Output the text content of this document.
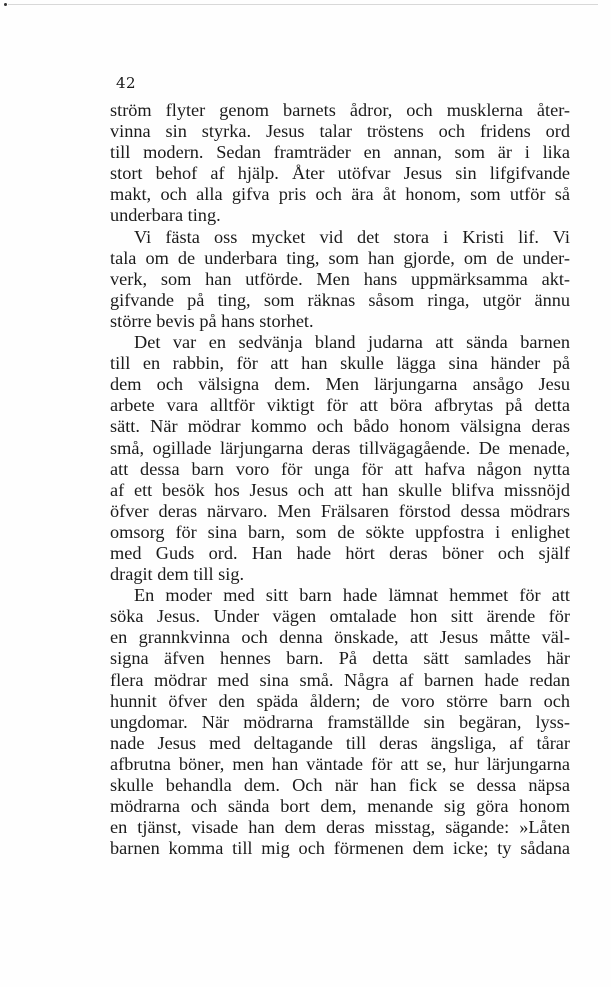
42
ström flyter genom barnets ådror, och musklerna åter-
vinna sin styrka. Jesus talar tröstens och fridens ord
till modern. Sedan framträder en annan, som är i lika
stort behof af hjälp. Åter utöfvar Jesus sin lifgifvande
makt, och alla gifva pris och ära åt honom, som utför så
underbara ting.
Vi fästa oss mycket vid det stora i Kristi lif. Vi
tala om de underbara ting, som han gjorde, om de under-
verk, som han utförde. Men hans uppmärksamma akt-
gifvande på ting, som räknas såsom ringa, utgör ännu
större bevis på hans storhet.
Det var en sedvänja bland judarna att sända barnen
till en rabbin, för att han skulle lägga sina händer på
dem och välsigna dem. Men lärjungarna ansågo Jesu
arbete vara alltför viktigt för att böra afbrytas på detta
sätt. När mödrar kommo och bådo honom välsigna deras
små, ogillade lärjungarna deras tillvägagående. De menade,
att dessa barn voro för unga för att hafva någon nytta
af ett besök hos Jesus och att han skulle blifva missnöjd
öfver deras närvaro. Men Frälsaren förstod dessa mödrars
omsorg för sina barn, som de sökte uppfostra i enlighet
med Guds ord. Han hade hört deras böner och själf
dragit dem till sig.
En moder med sitt barn hade lämnat hemmet för att
söka Jesus. Under vägen omtalade hon sitt ärende för
en grannkvinna och denna önskade, att Jesus måtte väl-
signa äfven hennes barn. På detta sätt samlades här
flera mödrar med sina små. Några af barnen hade redan
hunnit öfver den späda åldern; de voro större barn och
ungdomar. När mödrarna framställde sin begäran, lyss-
nade Jesus med deltagande till deras ängsliga, af tårar
afbrutna böner, men han väntade för att se, hur lärjungarna
skulle behandla dem. Och när han fick se dessa näpsa
mödrarna och sända bort dem, menande sig göra honom
en tjänst, visade han dem deras misstag, sägande: »Låten
barnen komma till mig och förmenen dem icke; ty sådana
